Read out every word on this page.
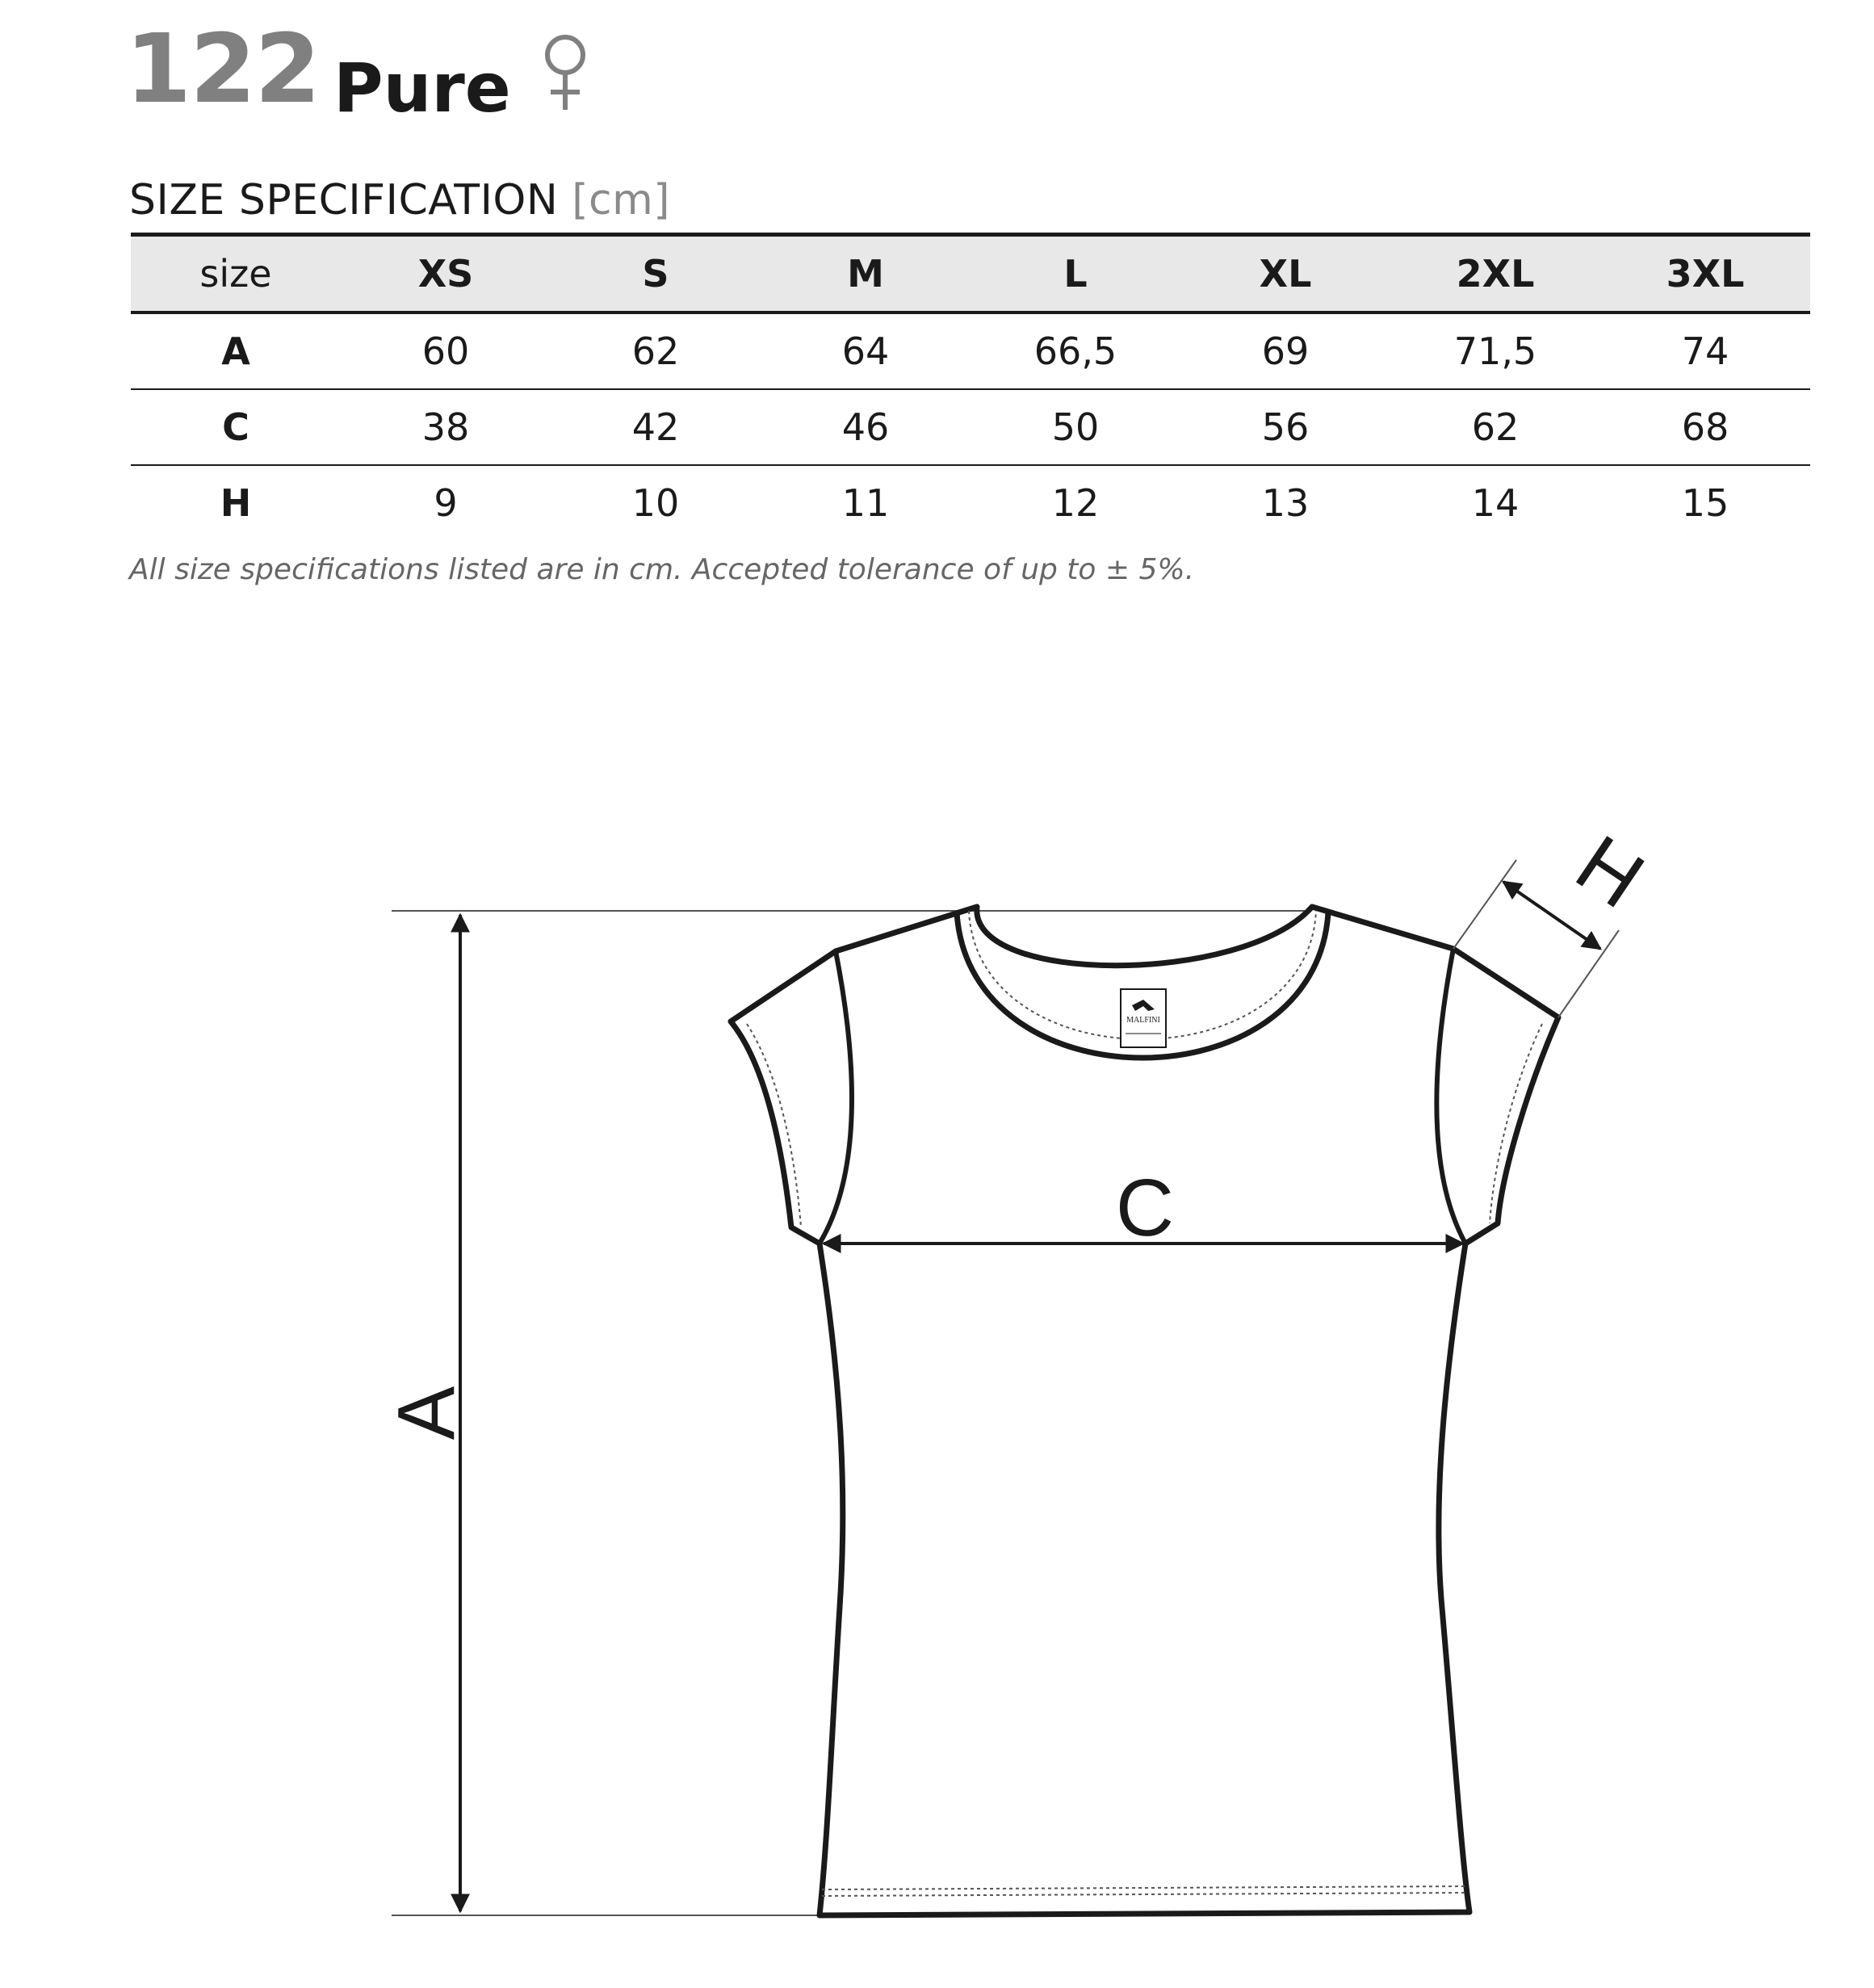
122 Pure
SIZE SPECIFICATION [cm]
size	XS	S	M	L	XL	2XL	3XL
A	60	62	64	66,5	69	71,5	74
C	38	42	46	50	56	62	68
H	9	10	11	12	13	14	15
All size specifications listed are in cm. Accepted tolerance of up to ± 5%.
A
MALFINI
C
H
